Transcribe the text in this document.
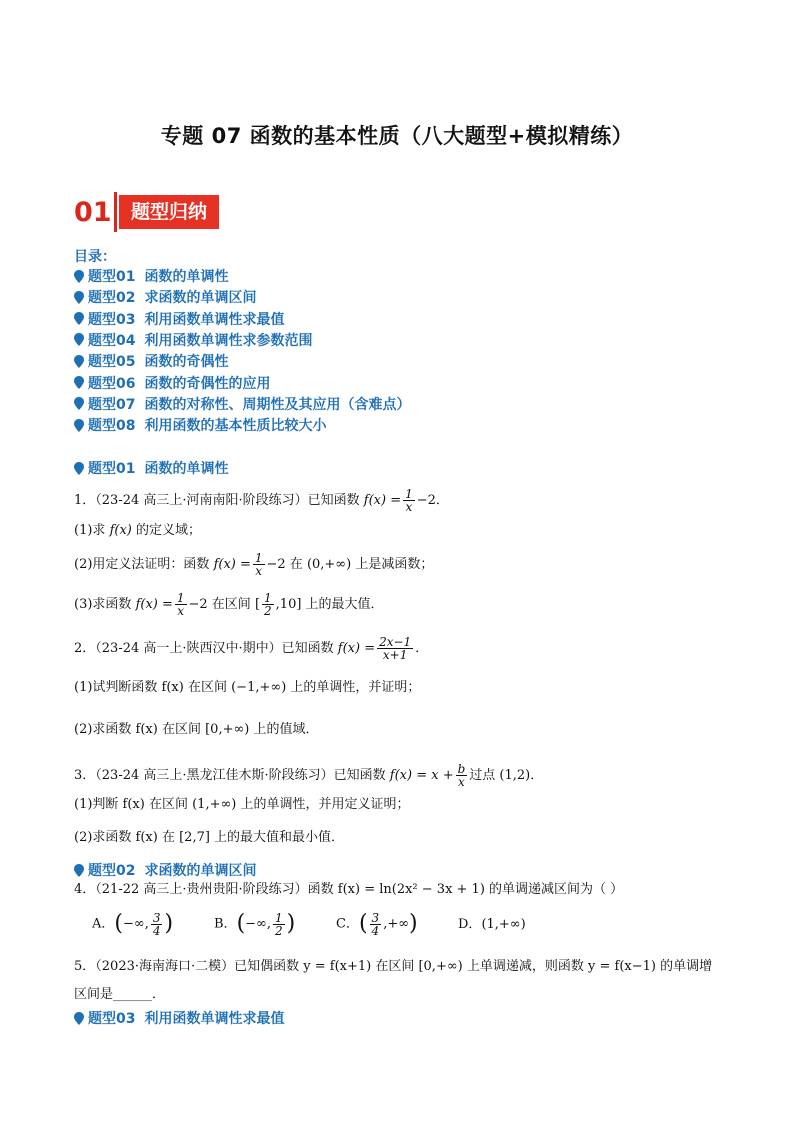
专题 07 函数的基本性质（八大题型+模拟精练）
01	题型归纳
目录：
题型01 函数的单调性
题型02 求函数的单调区间
题型03 利用函数单调性求最值
题型04 利用函数单调性求参数范围
题型05 函数的奇偶性
题型06 函数的奇偶性的应用
题型07 函数的对称性、周期性及其应用（含难点）
题型08 利用函数的基本性质比较大小
题型01 函数的单调性
1．（23-24 高三上·河南南阳·阶段练习）已知函数 $f(x) = \frac{1}{x} -2$．
(1)求 f(x) 的定义域；
(2)用定义法证明：函数 $f(x) = \frac{1}{x} -2$ 在 (0,+∞) 上是减函数；
(3)求函数 $f(x) = \frac{1}{x} -2$ 在区间 [ $\frac{1}{2} ,10$] 上的最大值．
2．（23-24 高一上·陕西汉中·期中）已知函数 $f(x) = \frac{2x-1}{x+1}$ ．
(1)试判断函数 f(x) 在区间 (−1,+∞) 上的单调性，并证明；
(2)求函数 f(x) 在区间 [0,+∞) 上的值域．
3．（23-24 高三上·黑龙江佳木斯·阶段练习）已知函数 $f(x) = x + \frac{b}{x}$ 过点 (1,2)．
(1)判断 f(x) 在区间 (1,+∞) 上的单调性，并用定义证明；
(2)求函数 f(x) 在 [2,7] 上的最大值和最小值．
题型02 求函数的单调区间
4．（21-22 高三上·贵州贵阳·阶段练习）函数 f(x) = ln(2x² − 3x + 1) 的单调递减区间为（ ）
A．(−∞, $\frac{3}{4}$ )	B．(−∞, $\frac{1}{2}$ )	C．( $\frac{3}{4}$ ,+∞)	D．(1,+∞)
5．（2023·海南海口·二模）已知偶函数 y = f(x+1) 在区间 [0,+∞) 上单调递减，则函数 y = f(x−1) 的单调增
区间是______．
题型03 利用函数单调性求最值
